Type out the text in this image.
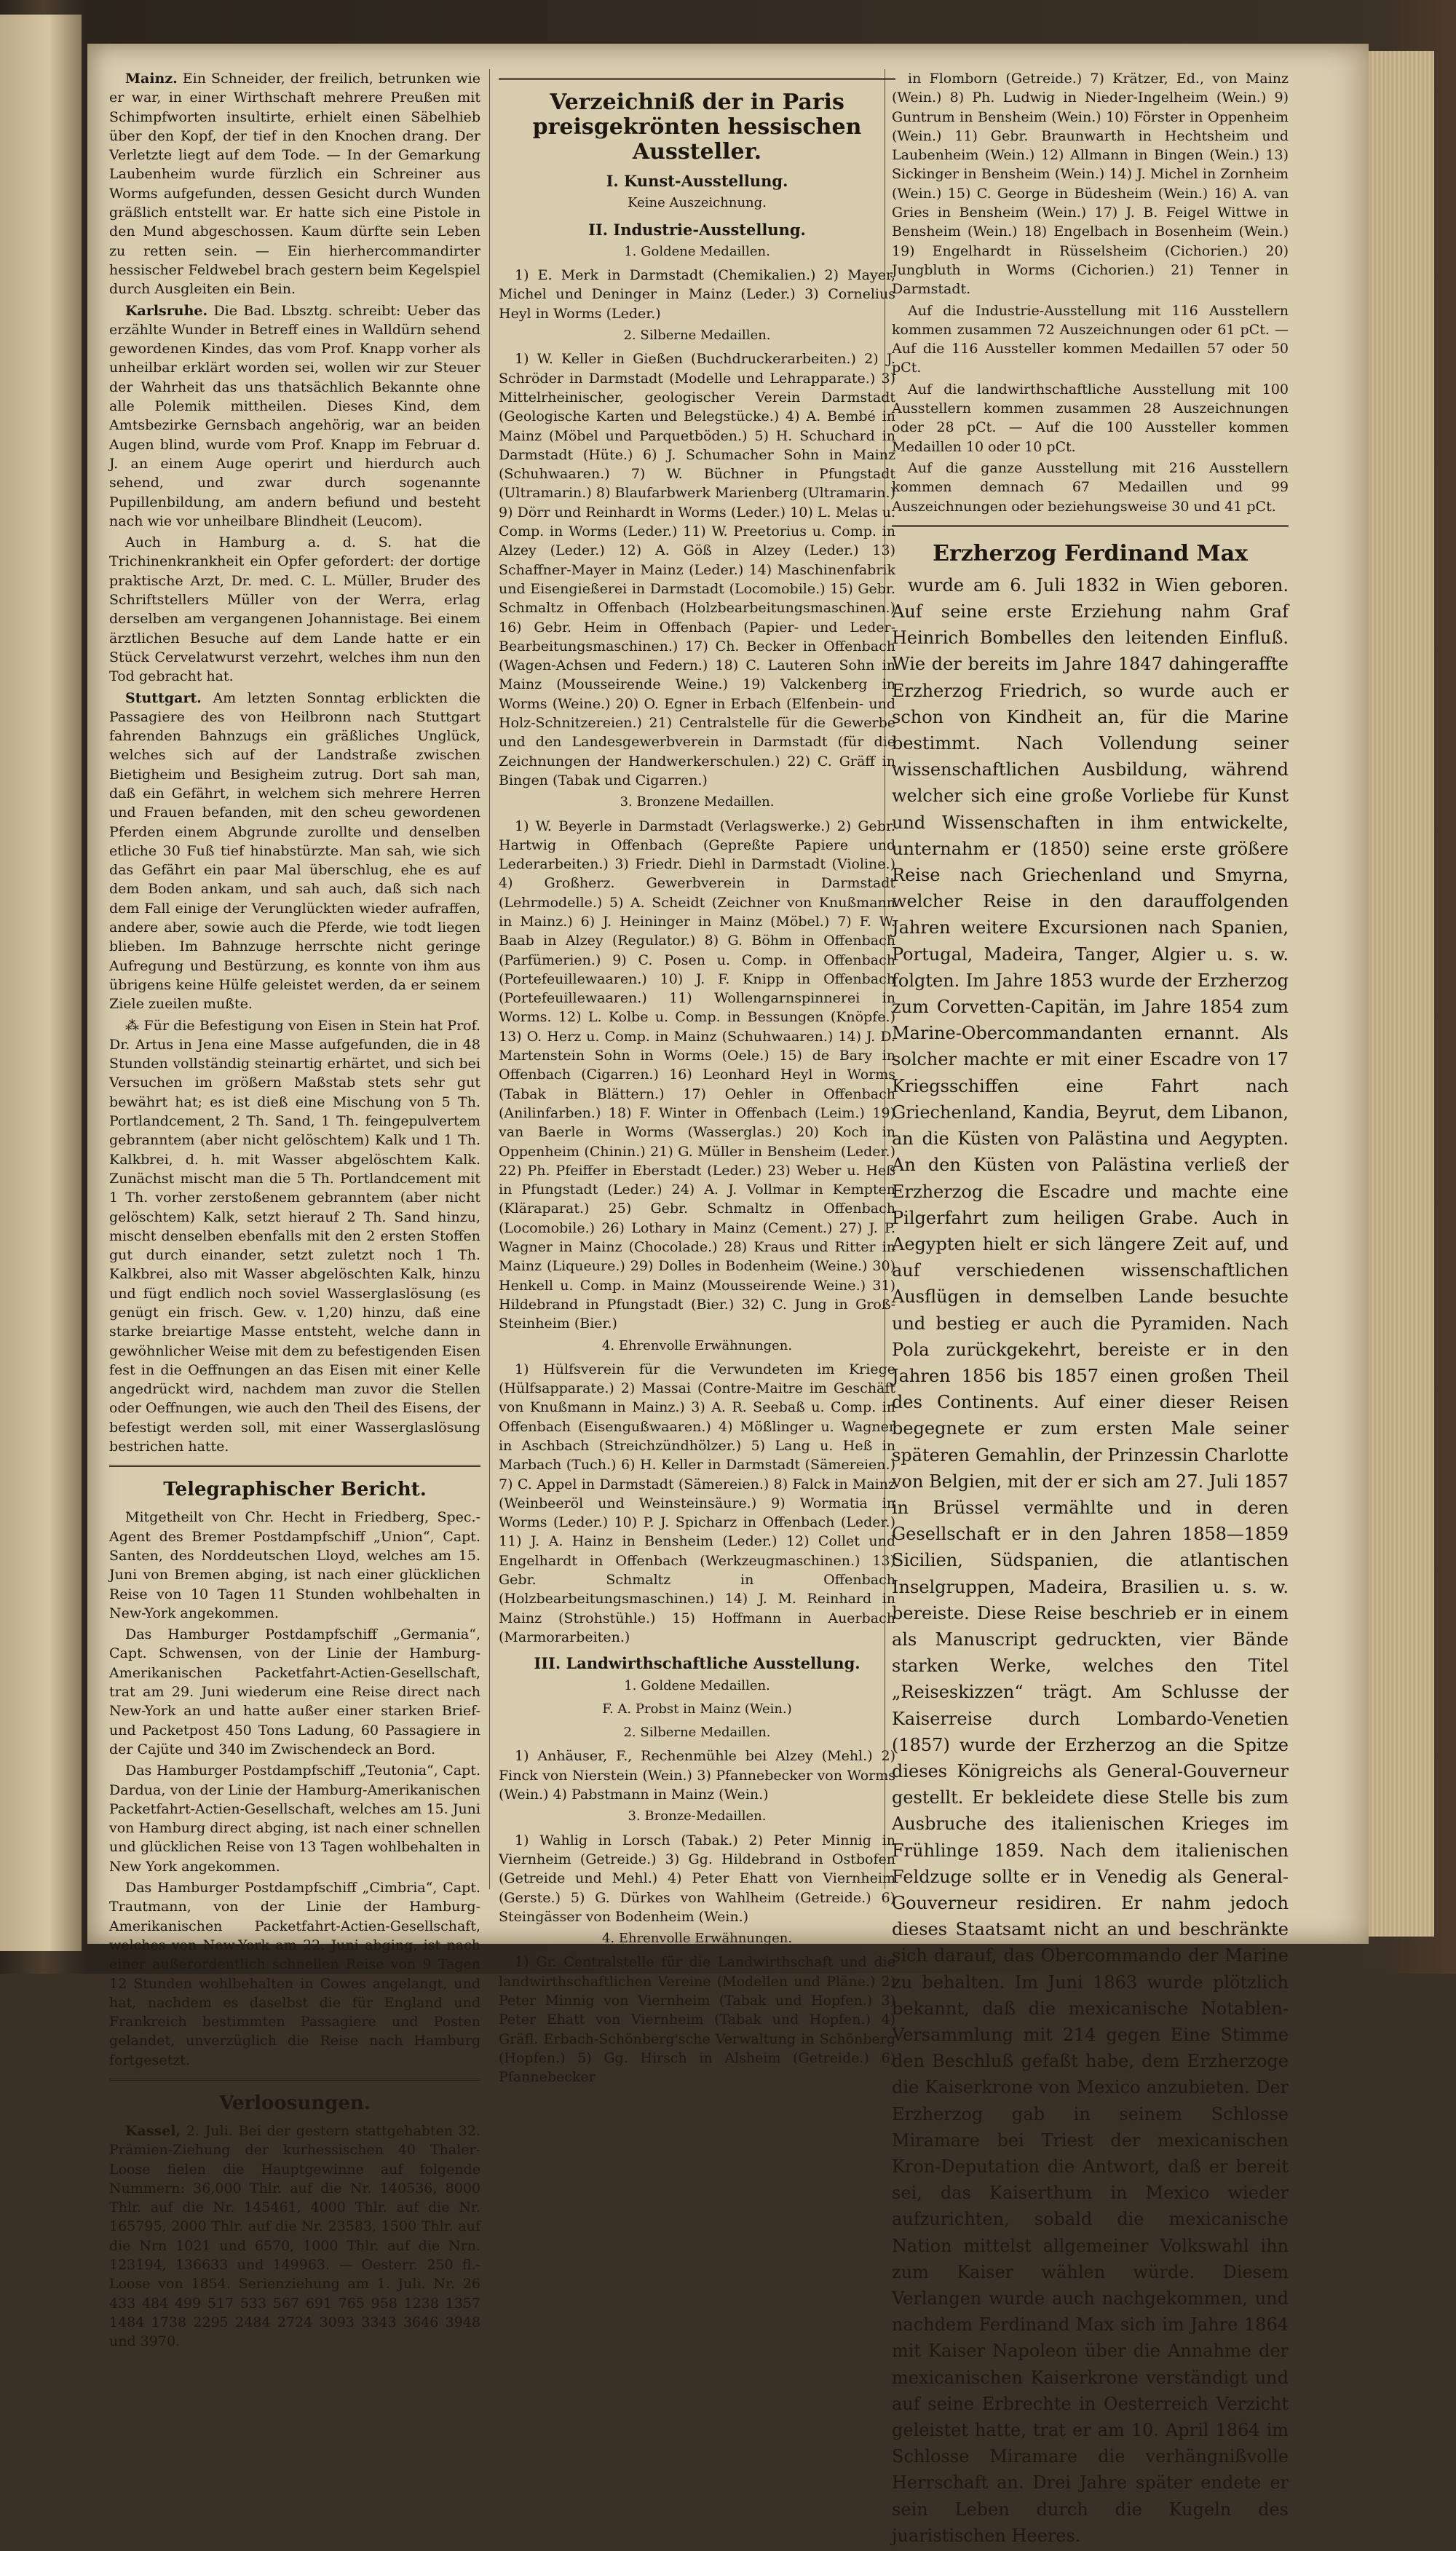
Mainz. Ein Schneider, der freilich, betrunken wie er war, in einer Wirthschaft mehrere Preußen mit Schimpfworten insultirte, erhielt einen Säbelhieb über den Kopf, der tief in den Knochen drang. Der Verletzte liegt auf dem Tode. — In der Gemarkung Laubenheim wurde fürzlich ein Schreiner aus Worms aufgefunden, dessen Gesicht durch Wunden gräßlich entstellt war. Er hatte sich eine Pistole in den Mund abgeschossen. Kaum dürfte sein Leben zu retten sein. — Ein hierhercommandirter hessischer Feldwebel brach gestern beim Kegelspiel durch Ausgleiten ein Bein.

Karlsruhe. Die Bad. Lbsztg. schreibt: Ueber das erzählte Wunder in Betreff eines in Walldürn sehend gewordenen Kindes, das vom Prof. Knapp vorher als unheilbar erklärt worden sei, wollen wir zur Steuer der Wahrheit das uns thatsächlich Bekannte ohne alle Polemik mittheilen. Dieses Kind, dem Amtsbezirke Gernsbach angehörig, war an beiden Augen blind, wurde vom Prof. Knapp im Februar d. J. an einem Auge operirt und hierdurch auch sehend, und zwar durch sogenannte Pupillenbildung, am andern befiund und besteht nach wie vor unheilbare Blindheit (Leucom).

Auch in Hamburg a. d. S. hat die Trichinenkrankheit ein Opfer gefordert: der dortige praktische Arzt, Dr. med. C. L. Müller, Bruder des Schriftstellers Müller von der Werra, erlag derselben am vergangenen Johannistage. Bei einem ärztlichen Besuche auf dem Lande hatte er ein Stück Cervelatwurst verzehrt, welches ihm nun den Tod gebracht hat.

Stuttgart. Am letzten Sonntag erblickten die Passagiere des von Heilbronn nach Stuttgart fahrenden Bahnzugs ein gräßliches Unglück, welches sich auf der Landstraße zwischen Bietigheim und Besigheim zutrug. Dort sah man, daß ein Gefährt, in welchem sich mehrere Herren und Frauen befanden, mit den scheu gewordenen Pferden einem Abgrunde zurollte und denselben etliche 30 Fuß tief hinabstürzte. Man sah, wie sich das Gefährt ein paar Mal überschlug, ehe es auf dem Boden ankam, und sah auch, daß sich nach dem Fall einige der Verunglückten wieder aufraffen, andere aber, sowie auch die Pferde, wie todt liegen blieben. Im Bahnzuge herrschte nicht geringe Aufregung und Bestürzung, es konnte von ihm aus übrigens keine Hülfe geleistet werden, da er seinem Ziele zueilen mußte.

⁂ Für die Befestigung von Eisen in Stein hat Prof. Dr. Artus in Jena eine Masse aufgefunden, die in 48 Stunden vollständig steinartig erhärtet, und sich bei Versuchen im größern Maßstab stets sehr gut bewährt hat; es ist dieß eine Mischung von 5 Th. Portlandcement, 2 Th. Sand, 1 Th. feingepulvertem gebranntem (aber nicht gelöschtem) Kalk und 1 Th. Kalkbrei, d. h. mit Wasser abgelöschtem Kalk. Zunächst mischt man die 5 Th. Portlandcement mit 1 Th. vorher zerstoßenem gebranntem (aber nicht gelöschtem) Kalk, setzt hierauf 2 Th. Sand hinzu, mischt denselben ebenfalls mit den 2 ersten Stoffen gut durch einander, setzt zuletzt noch 1 Th. Kalkbrei, also mit Wasser abgelöschten Kalk, hinzu und fügt endlich noch soviel Wasserglaslösung (es genügt ein frisch. Gew. v. 1,20) hinzu, daß eine starke breiartige Masse entsteht, welche dann in gewöhnlicher Weise mit dem zu befestigenden Eisen fest in die Oeffnungen an das Eisen mit einer Kelle angedrückt wird, nachdem man zuvor die Stellen oder Oeffnungen, wie auch den Theil des Eisens, der befestigt werden soll, mit einer Wasserglaslösung bestrichen hatte.

Telegraphischer Bericht.

Mitgetheilt von Chr. Hecht in Friedberg, Spec.-Agent des Bremer Postdampfschiff „Union“, Capt. Santen, des Norddeutschen Lloyd, welches am 15. Juni von Bremen abging, ist nach einer glücklichen Reise von 10 Tagen 11 Stunden wohlbehalten in New-York angekommen.

Das Hamburger Postdampfschiff „Germania“, Capt. Schwensen, von der Linie der Hamburg-Amerikanischen Packetfahrt-Actien-Gesellschaft, trat am 29. Juni wiederum eine Reise direct nach New-York an und hatte außer einer starken Brief- und Packetpost 450 Tons Ladung, 60 Passagiere in der Cajüte und 340 im Zwischendeck an Bord.

Das Hamburger Postdampfschiff „Teutonia“, Capt. Dardua, von der Linie der Hamburg-Amerikanischen Packetfahrt-Actien-Gesellschaft, welches am 15. Juni von Hamburg direct abging, ist nach einer schnellen und glücklichen Reise von 13 Tagen wohlbehalten in New York angekommen.

Das Hamburger Postdampfschiff „Cimbria“, Capt. Trautmann, von der Linie der Hamburg-Amerikanischen Packetfahrt-Actien-Gesellschaft, welches von New-York am 22. Juni abging, ist nach einer außerordentlich schnellen Reise von 9 Tagen 12 Stunden wohlbehalten in Cowes angelangt, und hat, nachdem es daselbst die für England und Frankreich bestimmten Passagiere und Posten gelandet, unverzüglich die Reise nach Hamburg fortgesetzt.

Verloosungen.

Kassel, 2. Juli. Bei der gestern stattgehabten 32. Prämien-Ziehung der kurhessischen 40 Thaler-Loose fielen die Hauptgewinne auf folgende Nummern: 36,000 Thlr. auf die Nr. 140536, 8000 Thlr. auf die Nr. 145461, 4000 Thlr. auf die Nr. 165795, 2000 Thlr. auf die Nr. 23583, 1500 Thlr. auf die Nrn 1021 und 6570, 1000 Thlr. auf die Nrn. 123194, 136633 und 149963. — Oesterr. 250 fl.-Loose von 1854. Serienziehung am 1. Juli. Nr. 26 433 484 499 517 533 567 691 765 958 1238 1357 1484 1738 2295 2484 2724 3093 3343 3646 3948 und 3970.

Verzeichniß der in Paris preisgekrönten hessischen Aussteller.
I. Kunst-Ausstellung.
Keine Auszeichnung.
II. Industrie-Ausstellung.
1. Goldene Medaillen.

1) E. Merk in Darmstadt (Chemikalien.) 2) Mayer, Michel und Deninger in Mainz (Leder.) 3) Cornelius Heyl in Worms (Leder.)

2. Silberne Medaillen.

1) W. Keller in Gießen (Buchdruckerarbeiten.) 2) J. Schröder in Darmstadt (Modelle und Lehrapparate.) 3) Mittelrheinischer, geologischer Verein Darmstadt (Geologische Karten und Belegstücke.) 4) A. Bembé in Mainz (Möbel und Parquetböden.) 5) H. Schuchard in Darmstadt (Hüte.) 6) J. Schumacher Sohn in Mainz (Schuhwaaren.) 7) W. Büchner in Pfungstadt (Ultramarin.) 8) Blaufarbwerk Marienberg (Ultramarin.) 9) Dörr und Reinhardt in Worms (Leder.) 10) L. Melas u. Comp. in Worms (Leder.) 11) W. Preetorius u. Comp. in Alzey (Leder.) 12) A. Göß in Alzey (Leder.) 13) Schaffner-Mayer in Mainz (Leder.) 14) Maschinenfabrik und Eisengießerei in Darmstadt (Locomobile.) 15) Gebr. Schmaltz in Offenbach (Holzbearbeitungsmaschinen.) 16) Gebr. Heim in Offenbach (Papier- und Leder-Bearbeitungsmaschinen.) 17) Ch. Becker in Offenbach (Wagen-Achsen und Federn.) 18) C. Lauteren Sohn in Mainz (Mousseirende Weine.) 19) Valckenberg in Worms (Weine.) 20) O. Egner in Erbach (Elfenbein- und Holz-Schnitzereien.) 21) Centralstelle für die Gewerbe und den Landesgewerbverein in Darmstadt (für die Zeichnungen der Handwerkerschulen.) 22) C. Gräff in Bingen (Tabak und Cigarren.)

3. Bronzene Medaillen.

1) W. Beyerle in Darmstadt (Verlagswerke.) 2) Gebr. Hartwig in Offenbach (Gepreßte Papiere und Lederarbeiten.) 3) Friedr. Diehl in Darmstadt (Violine.) 4) Großherz. Gewerbverein in Darmstadt (Lehrmodelle.) 5) A. Scheidt (Zeichner von Knußmann in Mainz.) 6) J. Heininger in Mainz (Möbel.) 7) F. W. Baab in Alzey (Regulator.) 8) G. Böhm in Offenbach (Parfümerien.) 9) C. Posen u. Comp. in Offenbach (Portefeuillewaaren.) 10) J. F. Knipp in Offenbach (Portefeuillewaaren.) 11) Wollengarnspinnerei in Worms. 12) L. Kolbe u. Comp. in Bessungen (Knöpfe.) 13) O. Herz u. Comp. in Mainz (Schuhwaaren.) 14) J. D. Martenstein Sohn in Worms (Oele.) 15) de Bary in Offenbach (Cigarren.) 16) Leonhard Heyl in Worms (Tabak in Blättern.) 17) Oehler in Offenbach (Anilinfarben.) 18) F. Winter in Offenbach (Leim.) 19) van Baerle in Worms (Wasserglas.) 20) Koch in Oppenheim (Chinin.) 21) G. Müller in Bensheim (Leder.) 22) Ph. Pfeiffer in Eberstadt (Leder.) 23) Weber u. Heß in Pfungstadt (Leder.) 24) A. J. Vollmar in Kempten (Kläraparat.) 25) Gebr. Schmaltz in Offenbach (Locomobile.) 26) Lothary in Mainz (Cement.) 27) J. P. Wagner in Mainz (Chocolade.) 28) Kraus und Ritter in Mainz (Liqueure.) 29) Dolles in Bodenheim (Weine.) 30) Henkell u. Comp. in Mainz (Mousseirende Weine.) 31) Hildebrand in Pfungstadt (Bier.) 32) C. Jung in Groß-Steinheim (Bier.)

4. Ehrenvolle Erwähnungen.

1) Hülfsverein für die Verwundeten im Kriege (Hülfsapparate.) 2) Massai (Contre-Maitre im Geschäft von Knußmann in Mainz.) 3) A. R. Seebaß u. Comp. in Offenbach (Eisengußwaaren.) 4) Mößlinger u. Wagner in Aschbach (Streichzündhölzer.) 5) Lang u. Heß in Marbach (Tuch.) 6) H. Keller in Darmstadt (Sämereien.) 7) C. Appel in Darmstadt (Sämereien.) 8) Falck in Mainz (Weinbeeröl und Weinsteinsäure.) 9) Wormatia in Worms (Leder.) 10) P. J. Spicharz in Offenbach (Leder.) 11) J. A. Hainz in Bensheim (Leder.) 12) Collet und Engelhardt in Offenbach (Werkzeugmaschinen.) 13) Gebr. Schmaltz in Offenbach (Holzbearbeitungsmaschinen.) 14) J. M. Reinhard in Mainz (Strohstühle.) 15) Hoffmann in Auerbach (Marmorarbeiten.)

III. Landwirthschaftliche Ausstellung.
1. Goldene Medaillen.
F. A. Probst in Mainz (Wein.)
2. Silberne Medaillen.

1) Anhäuser, F., Rechenmühle bei Alzey (Mehl.) 2) Finck von Nierstein (Wein.) 3) Pfannebecker von Worms (Wein.) 4) Pabstmann in Mainz (Wein.)

3. Bronze-Medaillen.

1) Wahlig in Lorsch (Tabak.) 2) Peter Minnig in Viernheim (Getreide.) 3) Gg. Hildebrand in Ostbofen (Getreide und Mehl.) 4) Peter Ehatt von Viernheim (Gerste.) 5) G. Dürkes von Wahlheim (Getreide.) 6) Steingässer von Bodenheim (Wein.)

4. Ehrenvolle Erwähnungen.

1) Gr. Centralstelle für die Landwirthschaft und die landwirthschaftlichen Vereine (Modellen und Pläne.) 2) Peter Minnig von Viernheim (Tabak und Hopfen.) 3) Peter Ehatt von Viernheim (Tabak und Hopfen.) 4) Gräfl. Erbach-Schönberg'sche Verwaltung in Schönberg (Hopfen.) 5) Gg. Hirsch in Alsheim (Getreide.) 6) Pfannebecker

in Flomborn (Getreide.) 7) Krätzer, Ed., von Mainz (Wein.) 8) Ph. Ludwig in Nieder-Ingelheim (Wein.) 9) Guntrum in Bensheim (Wein.) 10) Förster in Oppenheim (Wein.) 11) Gebr. Braunwarth in Hechtsheim und Laubenheim (Wein.) 12) Allmann in Bingen (Wein.) 13) Sickinger in Bensheim (Wein.) 14) J. Michel in Zornheim (Wein.) 15) C. George in Büdesheim (Wein.) 16) A. van Gries in Bensheim (Wein.) 17) J. B. Feigel Wittwe in Bensheim (Wein.) 18) Engelbach in Bosenheim (Wein.) 19) Engelhardt in Rüsselsheim (Cichorien.) 20) Jungbluth in Worms (Cichorien.) 21) Tenner in Darmstadt.

Auf die Industrie-Ausstellung mit 116 Ausstellern kommen zusammen 72 Auszeichnungen oder 61 pCt. — Auf die 116 Aussteller kommen Medaillen 57 oder 50 pCt.

Auf die landwirthschaftliche Ausstellung mit 100 Ausstellern kommen zusammen 28 Auszeichnungen oder 28 pCt. — Auf die 100 Aussteller kommen Medaillen 10 oder 10 pCt.

Auf die ganze Ausstellung mit 216 Ausstellern kommen demnach 67 Medaillen und 99 Auszeichnungen oder beziehungsweise 30 und 41 pCt.

Erzherzog Ferdinand Max

wurde am 6. Juli 1832 in Wien geboren. Auf seine erste Erziehung nahm Graf Heinrich Bombelles den leitenden Einfluß. Wie der bereits im Jahre 1847 dahingeraffte Erzherzog Friedrich, so wurde auch er schon von Kindheit an, für die Marine bestimmt. Nach Vollendung seiner wissenschaftlichen Ausbildung, während welcher sich eine große Vorliebe für Kunst und Wissenschaften in ihm entwickelte, unternahm er (1850) seine erste größere Reise nach Griechenland und Smyrna, welcher Reise in den darauffolgenden Jahren weitere Excursionen nach Spanien, Portugal, Madeira, Tanger, Algier u. s. w. folgten. Im Jahre 1853 wurde der Erzherzog zum Corvetten-Capitän, im Jahre 1854 zum Marine-Obercommandanten ernannt. Als solcher machte er mit einer Escadre von 17 Kriegsschiffen eine Fahrt nach Griechenland, Kandia, Beyrut, dem Libanon, an die Küsten von Palästina und Aegypten. An den Küsten von Palästina verließ der Erzherzog die Escadre und machte eine Pilgerfahrt zum heiligen Grabe. Auch in Aegypten hielt er sich längere Zeit auf, und auf verschiedenen wissenschaftlichen Ausflügen in demselben Lande besuchte und bestieg er auch die Pyramiden. Nach Pola zurückgekehrt, bereiste er in den Jahren 1856 bis 1857 einen großen Theil des Continents. Auf einer dieser Reisen begegnete er zum ersten Male seiner späteren Gemahlin, der Prinzessin Charlotte von Belgien, mit der er sich am 27. Juli 1857 in Brüssel vermählte und in deren Gesellschaft er in den Jahren 1858—1859 Sicilien, Südspanien, die atlantischen Inselgruppen, Madeira, Brasilien u. s. w. bereiste. Diese Reise beschrieb er in einem als Manuscript gedruckten, vier Bände starken Werke, welches den Titel „Reiseskizzen“ trägt. Am Schlusse der Kaiserreise durch Lombardo-Venetien (1857) wurde der Erzherzog an die Spitze dieses Königreichs als General-Gouverneur gestellt. Er bekleidete diese Stelle bis zum Ausbruche des italienischen Krieges im Frühlinge 1859. Nach dem italienischen Feldzuge sollte er in Venedig als General-Gouverneur residiren. Er nahm jedoch dieses Staatsamt nicht an und beschränkte sich darauf, das Obercommando der Marine zu behalten. Im Juni 1863 wurde plötzlich bekannt, daß die mexicanische Notablen-Versammlung mit 214 gegen Eine Stimme den Beschluß gefaßt habe, dem Erzherzoge die Kaiserkrone von Mexico anzubieten. Der Erzherzog gab in seinem Schlosse Miramare bei Triest der mexicanischen Kron-Deputation die Antwort, daß er bereit sei, das Kaiserthum in Mexico wieder aufzurichten, sobald die mexicanische Nation mittelst allgemeiner Volkswahl ihn zum Kaiser wählen würde. Diesem Verlangen wurde auch nachgekommen, und nachdem Ferdinand Max sich im Jahre 1864 mit Kaiser Napoleon über die Annahme der mexicanischen Kaiserkrone verständigt und auf seine Erbrechte in Oesterreich Verzicht geleistet hatte, trat er am 10. April 1864 im Schlosse Miramare die verhängnißvolle Herrschaft an. Drei Jahre später endete er sein Leben durch die Kugeln des juaristischen Heeres.
